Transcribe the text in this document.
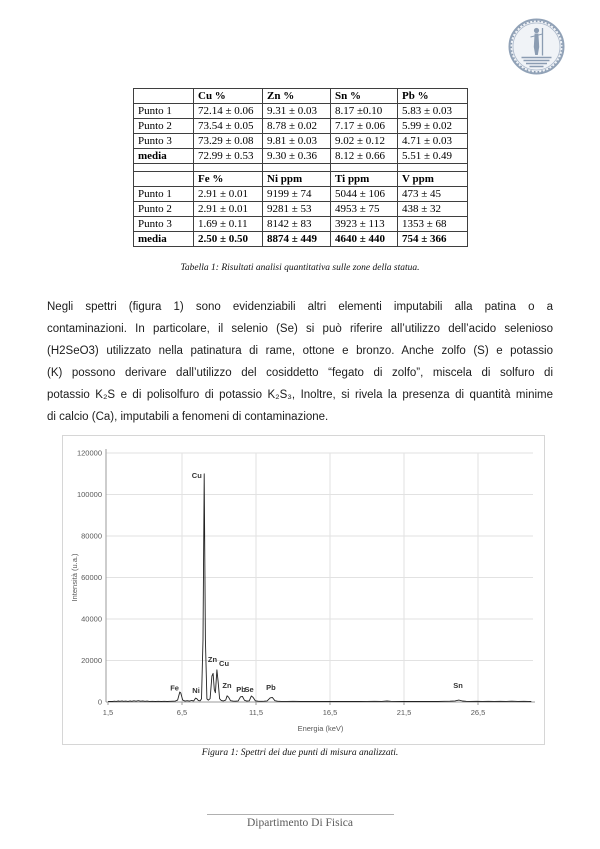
	Cu %	Zn %	Sn %	Pb %
Punto 1	72.14 ± 0.06	9.31 ± 0.03	8.17 ±0.10	5.83 ± 0.03
Punto 2	73.54 ± 0.05	8.78 ± 0.02	7.17 ± 0.06	5.99 ± 0.02
Punto 3	73.29 ± 0.08	9.81 ± 0.03	9.02 ± 0.12	4.71 ± 0.03
media	72.99 ± 0.53	9.30 ± 0.36	8.12 ± 0.66	5.51 ± 0.49

	Fe %	Ni ppm	Ti ppm	V ppm
Punto 1	2.91 ± 0.01	9199 ± 74	5044 ± 106	473 ± 45
Punto 2	2.91 ± 0.01	9281 ± 53	4953 ± 75	438 ± 32
Punto 3	1.69 ± 0.11	8142 ± 83	3923 ± 113	1353 ± 68
media	2.50 ± 0.50	8874 ± 449	4640 ± 440	754 ± 366
Tabella 1: Risultati analisi quantitativa sulle zone della statua.
Negli spettri (figura 1) sono evidenziabili altri elementi imputabili alla patina o a
contaminazioni. In particolare, il selenio (Se) si può riferire all’utilizzo dell’acido selenioso
(H2SeO3) utilizzato nella patinatura di rame, ottone e bronzo. Anche zolfo (S) e potassio
(K) possono derivare dall’utilizzo del cosiddetto “fegato di zolfo”, miscela di solfuro di
potassio K₂S e di polisolfuro di potassio K₂S₃, Inoltre, si rivela la presenza di quantità minime
di calcio (Ca), imputabili a fenomeni di contaminazione.
0
20000
40000
60000
80000
100000
120000
1,5	6,5	11,5	16,5	21,5	26,5
Energia (keV)
Intensità (u.a.)
Fe Ni
Cu
Zn Cu
Zn Pb
Se Pb	Sn
Figura 1: Spettri dei due punti di misura analizzati.
Dipartimento Di Fisica
